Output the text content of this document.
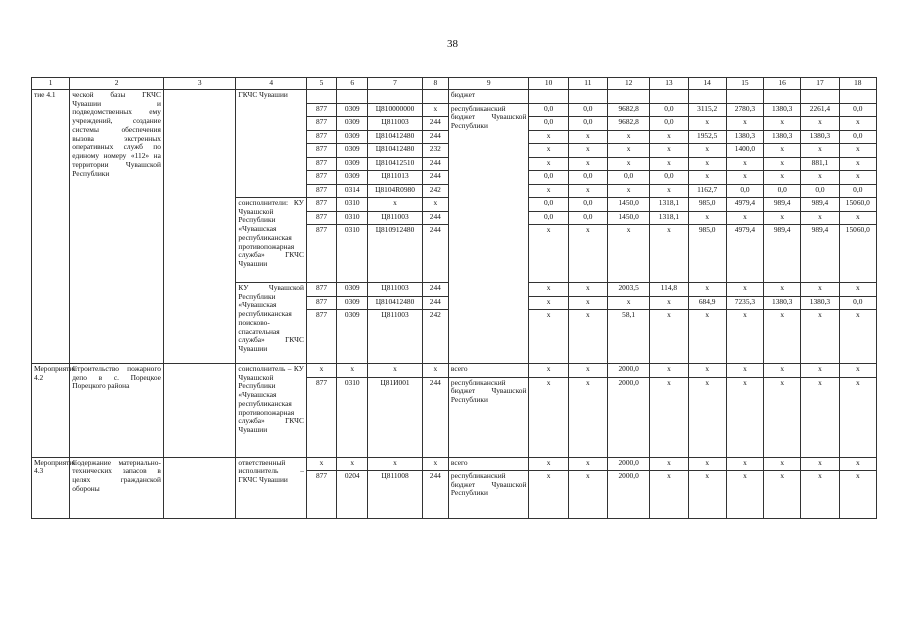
38
1	2	3	4	5	6	7	8	9	10	11	12	13	14	15	16	17	18
тие 4.1	ческой базы ГКЧС Чувашии и подведомственных ему учреждений, создание системы обеспечения вызова экстренных оперативных служб по единому номеру «112» на территории Чувашской Республики		ГКЧС Чувашии					бюджет									
				877	0309	Ц810000000	х	республиканский бюджет Чувашской Республики	0,0	0,0	9682,8	0,0	3115,2	2780,3	1380,3	2261,4	0,0
				877	0309	Ц811003	244		0,0	0,0	9682,8	0,0	х	х	х	х	х
				877	0309	Ц810412480	244		х	х	х	х	1952,5	1380,3	1380,3	1380,3	0,0
				877	0309	Ц810412480	232		х	х	х	х	х	1400,0	х	х	х
				877	0309	Ц810412510	244		х	х	х	х	х	х	х	881,1	х
				877	0309	Ц811013	244		0,0	0,0	0,0	0,0	х	х	х	х	х
				877	0314	Ц8104R0980	242		х	х	х	х	1162,7	0,0	0,0	0,0	0,0
			соисполнители: КУ Чувашской Республики «Чувашская республиканская противопожарная служба» ГКЧС Чувашии	877	0310	х	х		0,0	0,0	1450,0	1318,1	985,0	4979,4	989,4	989,4	15060,0
				877	0310	Ц811003	244		0,0	0,0	1450,0	1318,1	х	х	х	х	х
				877	0310	Ц810912480	244		х	х	х	х	985,0	4979,4	989,4	989,4	15060,0
			КУ Чувашской Республики «Чувашская республиканская поисково-спасательная служба» ГКЧС Чувашии	877	0309	Ц811003	244		х	х	2003,5	114,8	х	х	х	х	х
				877	0309	Ц810412480	244		х	х	х	х	684,9	7235,3	1380,3	1380,3	0,0
				877	0309	Ц811003	242		х	х	58,1	х	х	х	х	х	х
Мероприятие 4.2	Строительство пожарного депо в с. Порецкое Порецкого района		соисполнитель – КУ Чувашской Республики «Чувашская республиканская противопожарная служба» ГКЧС Чувашии	х	х	х	х	всего	х	х	2000,0	х	х	х	х	х	х
				877	0310	Ц81И001	244	республиканский бюджет Чувашской Республики	х	х	2000,0	х	х	х	х	х	х
Мероприятие 4.3	Содержание материально-технических запасов в целях гражданской обороны		ответственный исполнитель – ГКЧС Чувашии	х	х	х	х	всего	х	х	2000,0	х	х	х	х	х	х
				877	0204	Ц811008	244	республиканский бюджет Чувашской Республики	х	х	2000,0	х	х	х	х	х	х
